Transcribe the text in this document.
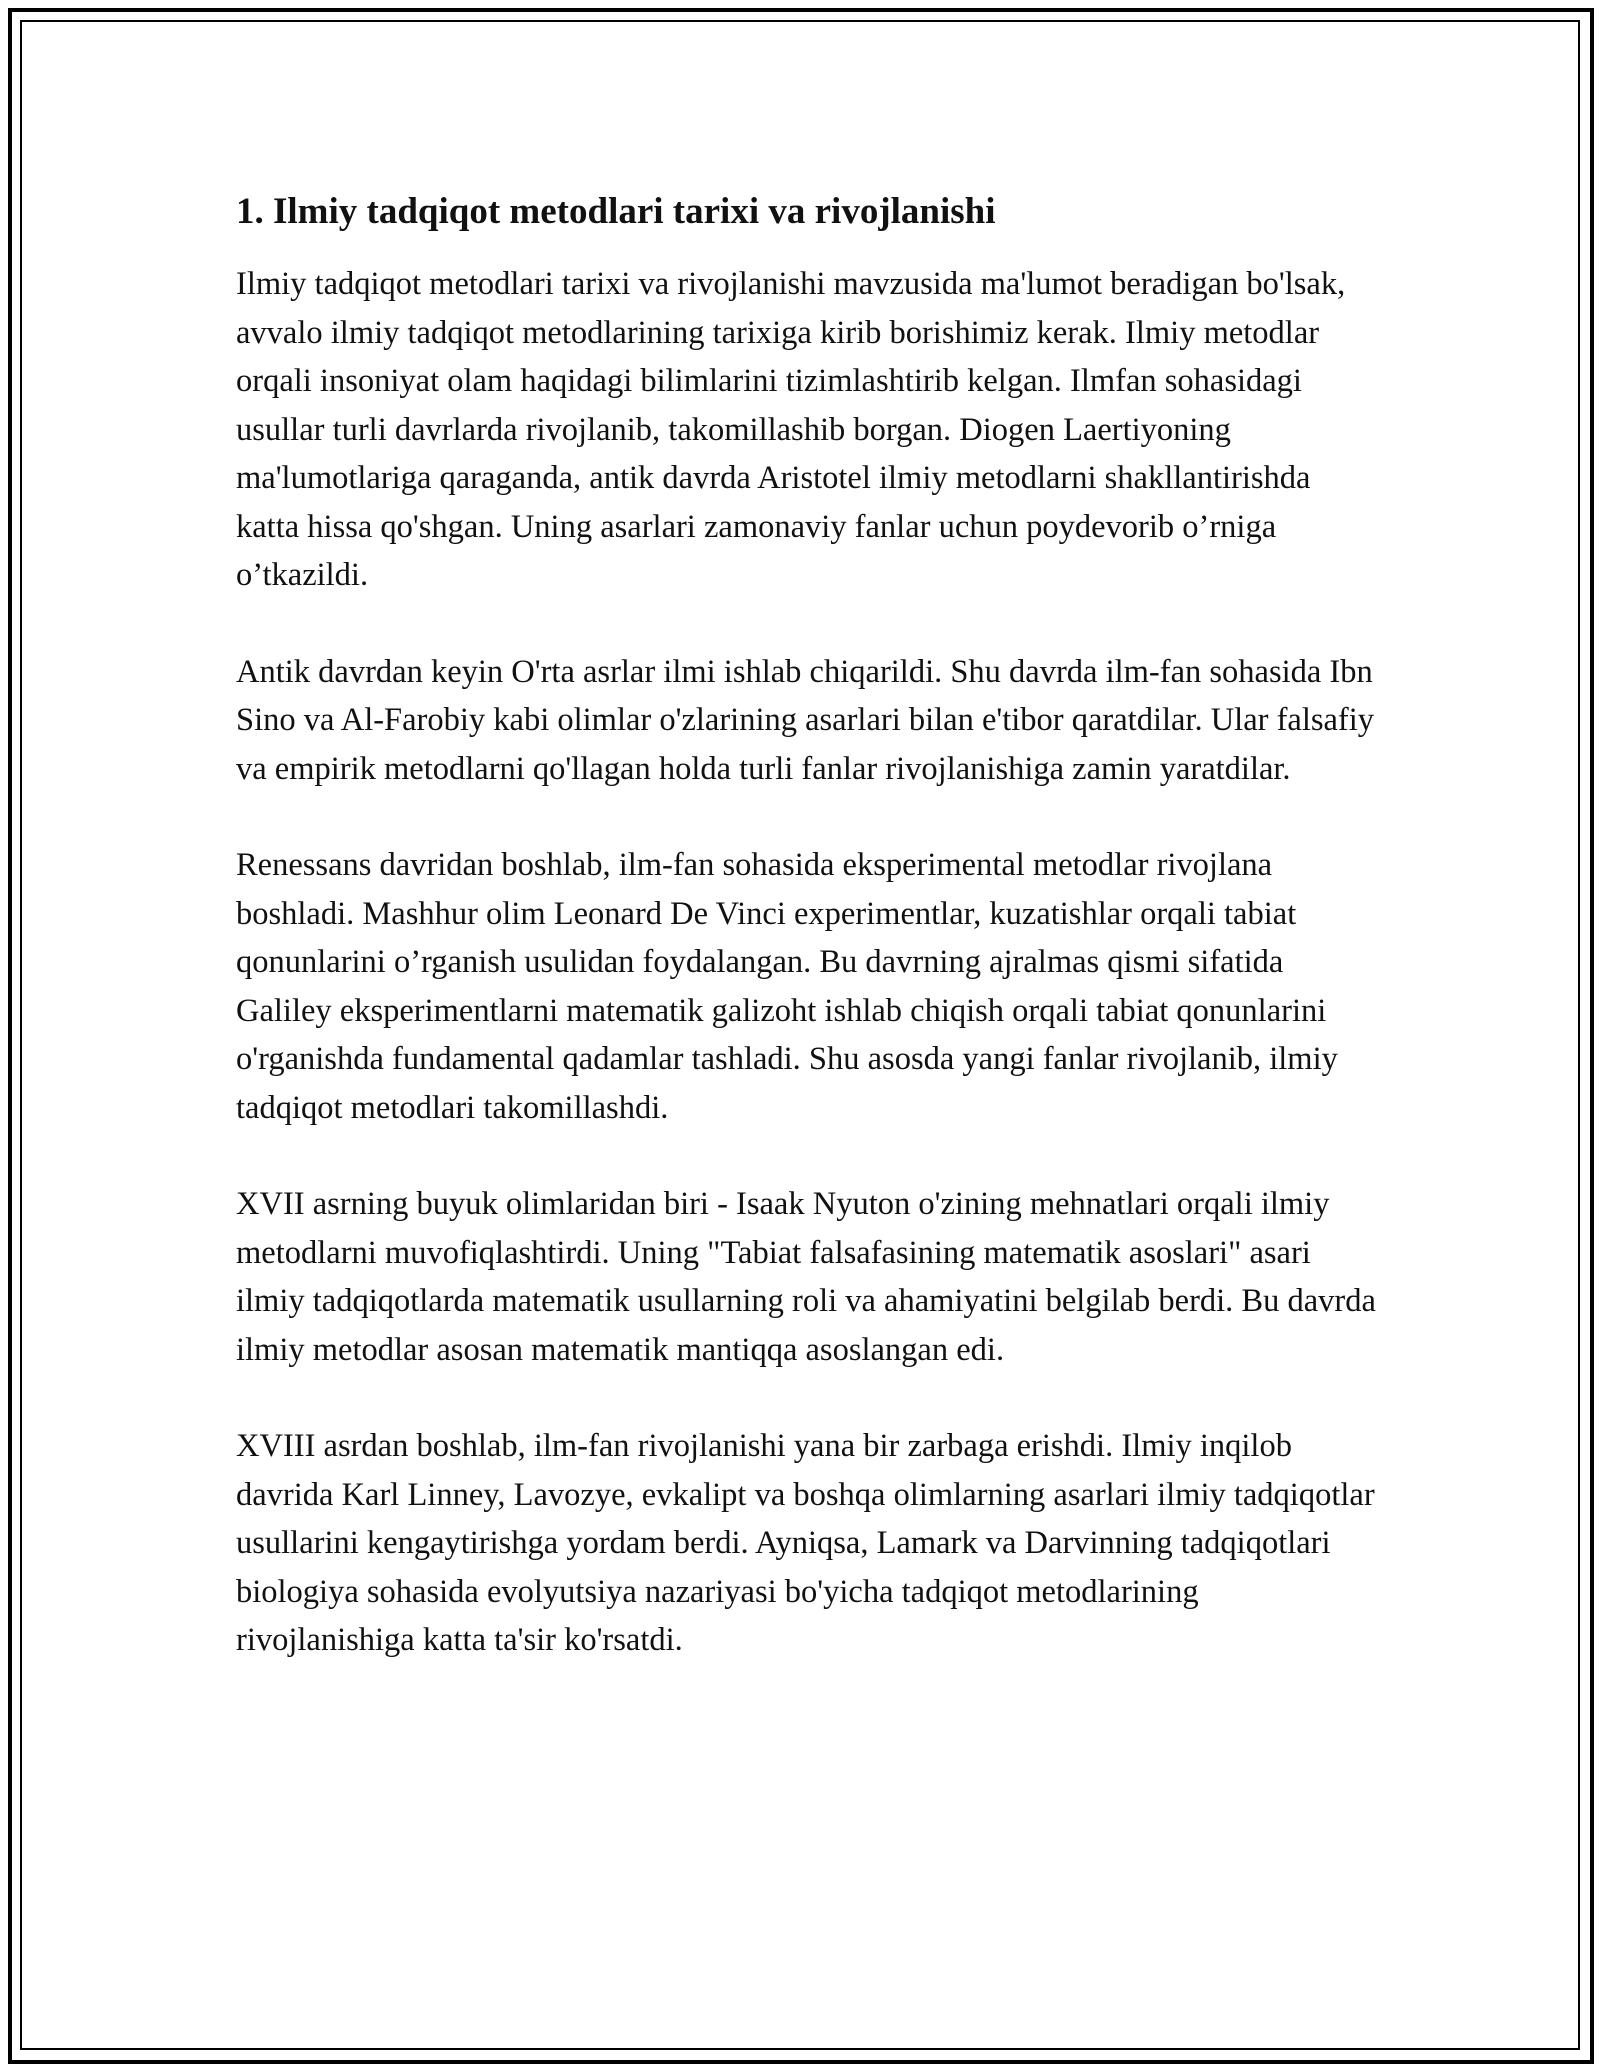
1. Ilmiy tadqiqot metodlari tarixi va rivojlanishi

Ilmiy tadqiqot metodlari tarixi va rivojlanishi mavzusida ma'lumot beradigan bo'lsak, avvalo ilmiy tadqiqot metodlarining tarixiga kirib borishimiz kerak. Ilmiy metodlar orqali insoniyat olam haqidagi bilimlarini tizimlashtirib kelgan. Ilmfan sohasidagi usullar turli davrlarda rivojlanib, takomillashib borgan. Diogen Laertiyoning ma'lumotlariga qaraganda, antik davrda Aristotel ilmiy metodlarni shakllantirishda katta hissa qo'shgan. Uning asarlari zamonaviy fanlar uchun poydevorib o’rniga o’tkazildi.

Antik davrdan keyin O'rta asrlar ilmi ishlab chiqarildi. Shu davrda ilm-fan sohasida Ibn Sino va Al-Farobiy kabi olimlar o'zlarining asarlari bilan e'tibor qaratdilar. Ular falsafiy va empirik metodlarni qo'llagan holda turli fanlar rivojlanishiga zamin yaratdilar.

Renessans davridan boshlab, ilm-fan sohasida eksperimental metodlar rivojlana boshladi. Mashhur olim Leonard De Vinci experimentlar, kuzatishlar orqali tabiat qonunlarini o’rganish usulidan foydalangan. Bu davrning ajralmas qismi sifatida Galiley eksperimentlarni matematik galizoht ishlab chiqish orqali tabiat qonunlarini o'rganishda fundamental qadamlar tashladi. Shu asosda yangi fanlar rivojlanib, ilmiy tadqiqot metodlari takomillashdi.

XVII asrning buyuk olimlaridan biri - Isaak Nyuton o'zining mehnatlari orqali ilmiy metodlarni muvofiqlashtirdi. Uning "Tabiat falsafasining matematik asoslari" asari ilmiy tadqiqotlarda matematik usullarning roli va ahamiyatini belgilab berdi. Bu davrda ilmiy metodlar asosan matematik mantiqqa asoslangan edi.

XVIII asrdan boshlab, ilm-fan rivojlanishi yana bir zarbaga erishdi. Ilmiy inqilob davrida Karl Linney, Lavozye, evkalipt va boshqa olimlarning asarlari ilmiy tadqiqotlar usullarini kengaytirishga yordam berdi. Ayniqsa, Lamark va Darvinning tadqiqotlari biologiya sohasida evolyutsiya nazariyasi bo'yicha tadqiqot metodlarining rivojlanishiga katta ta'sir ko'rsatdi.
